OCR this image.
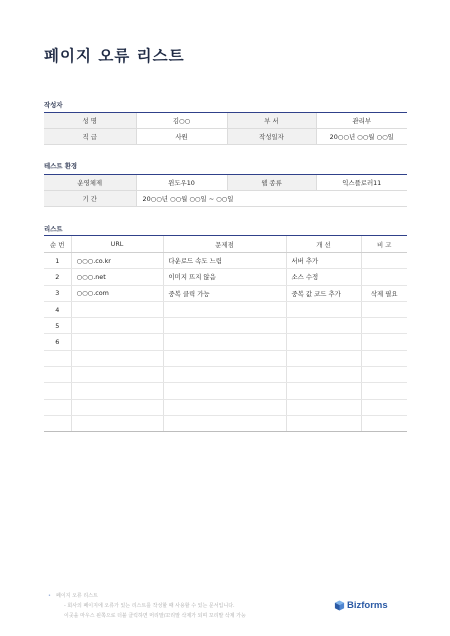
페이지 오류 리스트
작성자
성 명	김○○	부 서	관리부
직 급	사원	작성일자	20○○년 ○○월 ○○일
테스트 환경
운영체제	윈도우10	웹 종류	익스플로러11
기 간	20○○년 ○○월 ○○일 ~ ○○일		
리스트
순 번	URL	문제점	개 선	비 고
1	○○○.co.kr	다운로드 속도 느림	서버 추가	
2	○○○.net	이미지 뜨지 않음	소스 수정	
3	○○○.com	중복 클릭 가능	중복 값 코드 추가	삭제 필요
4				
5				
6				

• 페이지 오류 리스트
- 회사의 페이지에 오류가 있는 리스트를 작성할 때 사용할 수 있는 문서입니다.
이곳을 마우스 왼쪽으로 더블 클릭하면 머리말/꼬리말 삭제가 되며 꼬리말 삭제 가능
Bizforms
